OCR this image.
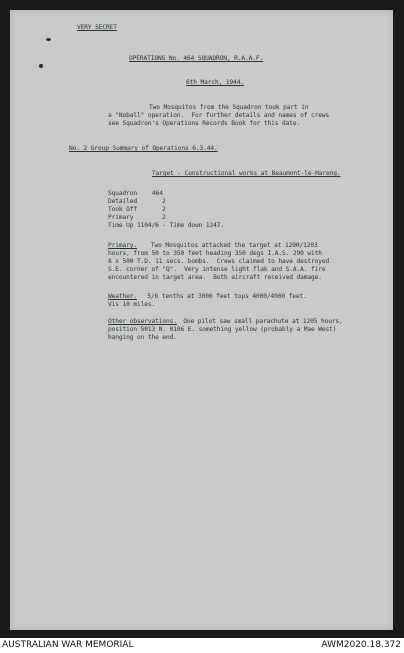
VERY SECRET
OPERATIONS No. 464 SQUADRON, R.A.A.F.
6th March, 1944.
Two Mosquitos from the Squadron took part in
a "Noball" operation.  For further details and names of crews
see Squadron's Operations Records Book for this date.
No. 2 Group Summary of Operations 6.3.44.
Target - Constructional works at Beaumont-le-Hareng.
Squadron 464
Detailed	2
Took Off	2
Primary	2
Time Up 1104/6 - Time down 1247.
Primary. Two Mosquitos attacked the target at 1200/1203
hours, from 50 to 350 feet heading 350 degs I.A.S. 290 with
8 x 500 T.D. 11 secs. bombs.  Crews claimed to have destroyed
S.E. corner of "Q".  Very intense light flak and S.A.A. fire
encountered in target area.  Both aircraft received damage.
Weather. 5/6 tenths at 3000 feet tops 4000/4000 feet.
Vis 10 miles.
Other observations. One pilot saw small parachute at 1205 hours,
position 5013 N. 0106 E. something yellow (probably a Mae West)
hanging on the end.
AUSTRALIAN WAR MEMORIAL	AWM2020.18.372
